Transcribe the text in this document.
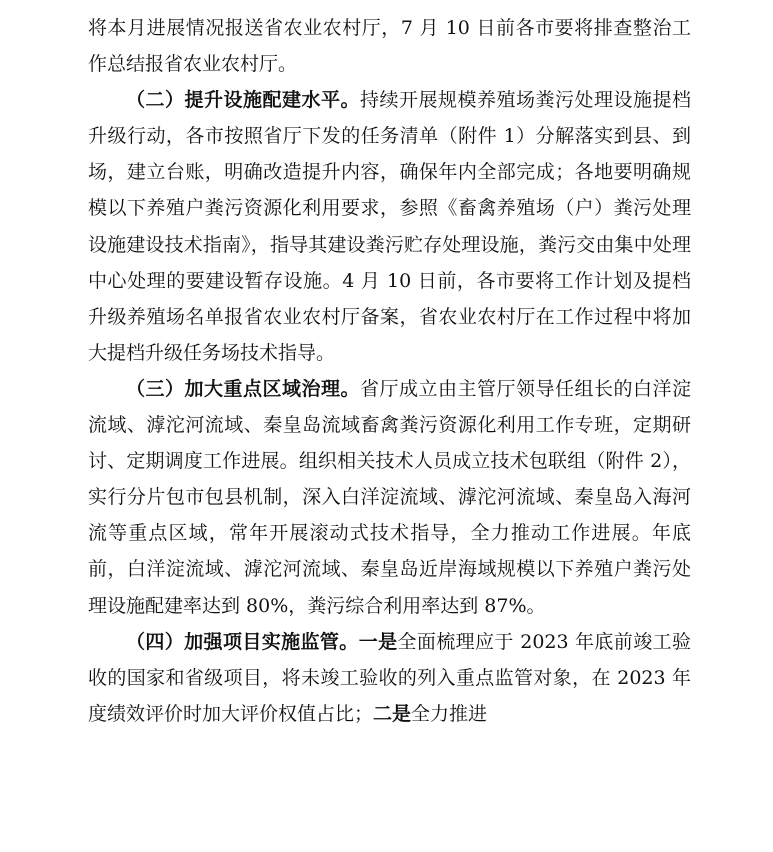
将本月进展情况报送省农业农村厅，7 月 10 日前各市要将排查整治工作总结报省农业农村厅。

（二）提升设施配建水平。持续开展规模养殖场粪污处理设施提档升级行动，各市按照省厅下发的任务清单（附件 1）分解落实到县、到场，建立台账，明确改造提升内容，确保年内全部完成；各地要明确规模以下养殖户粪污资源化利用要求，参照《畜禽养殖场（户）粪污处理设施建设技术指南》，指导其建设粪污贮存处理设施，粪污交由集中处理中心处理的要建设暂存设施。4 月 10 日前，各市要将工作计划及提档升级养殖场名单报省农业农村厅备案，省农业农村厅在工作过程中将加大提档升级任务场技术指导。

（三）加大重点区域治理。省厅成立由主管厅领导任组长的白洋淀流域、滹沱河流域、秦皇岛流域畜禽粪污资源化利用工作专班，定期研讨、定期调度工作进展。组织相关技术人员成立技术包联组（附件 2），实行分片包市包县机制，深入白洋淀流域、滹沱河流域、秦皇岛入海河流等重点区域，常年开展滚动式技术指导，全力推动工作进展。年底前，白洋淀流域、滹沱河流域、秦皇岛近岸海域规模以下养殖户粪污处理设施配建率达到 80%，粪污综合利用率达到 87%。

（四）加强项目实施监管。一是全面梳理应于 2023 年底前竣工验收的国家和省级项目，将未竣工验收的列入重点监管对象，在 2023 年度绩效评价时加大评价权值占比；二是全力推进
